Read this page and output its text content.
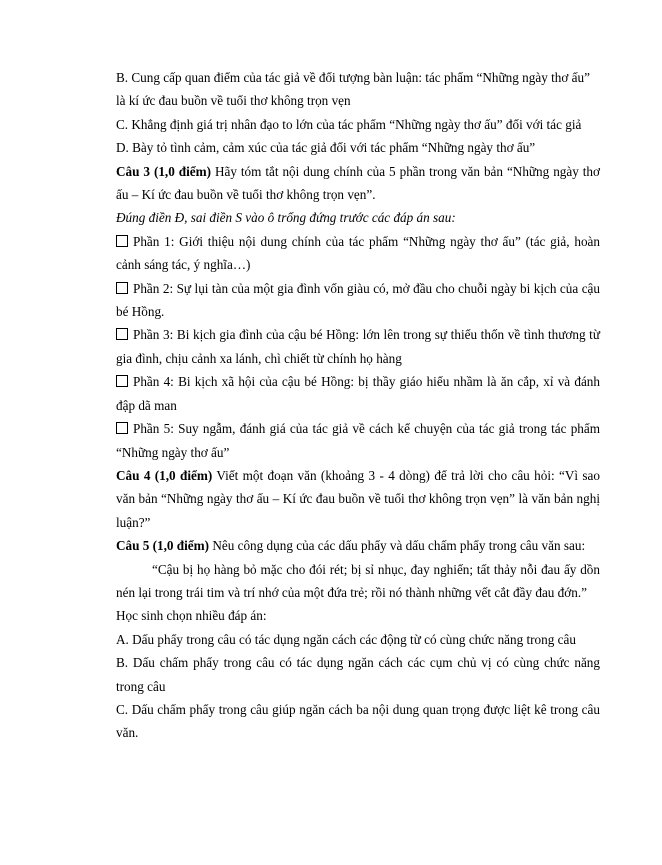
B. Cung cấp quan điểm của tác giả về đối tượng bàn luận: tác phẩm “Những ngày thơ ấu”

là kí ức đau buồn về tuổi thơ không trọn vẹn

C. Khẳng định giá trị nhân đạo to lớn của tác phẩm “Những ngày thơ ấu” đối với tác giả

D. Bày tỏ tình cảm, cảm xúc của tác giả đối với tác phẩm “Những ngày thơ ấu”

Câu 3 (1,0 điểm) Hãy tóm tắt nội dung chính của 5 phần trong văn bản “Những ngày thơ ấu – Kí ức đau buồn về tuổi thơ không trọn vẹn”.

Đúng điền Đ, sai điền S vào ô trống đứng trước các đáp án sau:

Phần 1: Giới thiệu nội dung chính của tác phẩm “Những ngày thơ ấu” (tác giả, hoàn cảnh sáng tác, ý nghĩa…)

Phần 2: Sự lụi tàn của một gia đình vốn giàu có, mở đầu cho chuỗi ngày bi kịch của cậu bé Hồng.

Phần 3: Bi kịch gia đình của cậu bé Hồng: lớn lên trong sự thiếu thốn về tình thương từ gia đình, chịu cảnh xa lánh, chì chiết từ chính họ hàng

Phần 4: Bi kịch xã hội của cậu bé Hồng: bị thầy giáo hiểu nhầm là ăn cắp, xỉ và đánh đập dã man

Phần 5: Suy ngẫm, đánh giá của tác giả về cách kể chuyện của tác giả trong tác phẩm “Những ngày thơ ấu”

Câu 4 (1,0 điểm) Viết một đoạn văn (khoảng 3 - 4 dòng) để trả lời cho câu hỏi: “Vì sao văn bản “Những ngày thơ ấu – Kí ức đau buồn về tuổi thơ không trọn vẹn” là văn bản nghị luận?”

Câu 5 (1,0 điểm) Nêu công dụng của các dấu phẩy và dấu chấm phẩy trong câu văn sau:

“Cậu bị họ hàng bỏ mặc cho đói rét; bị sỉ nhục, đay nghiến; tất thảy nỗi đau ấy dồn nén lại trong trái tim và trí nhớ của một đứa trẻ; rồi nó thành những vết cắt đầy đau đớn.”

Học sinh chọn nhiều đáp án:

A. Dấu phẩy trong câu có tác dụng ngăn cách các động từ có cùng chức năng trong câu

B. Dấu chấm phẩy trong câu có tác dụng ngăn cách các cụm chủ vị có cùng chức năng trong câu

C. Dấu chấm phẩy trong câu giúp ngăn cách ba nội dung quan trọng được liệt kê trong câu văn.
